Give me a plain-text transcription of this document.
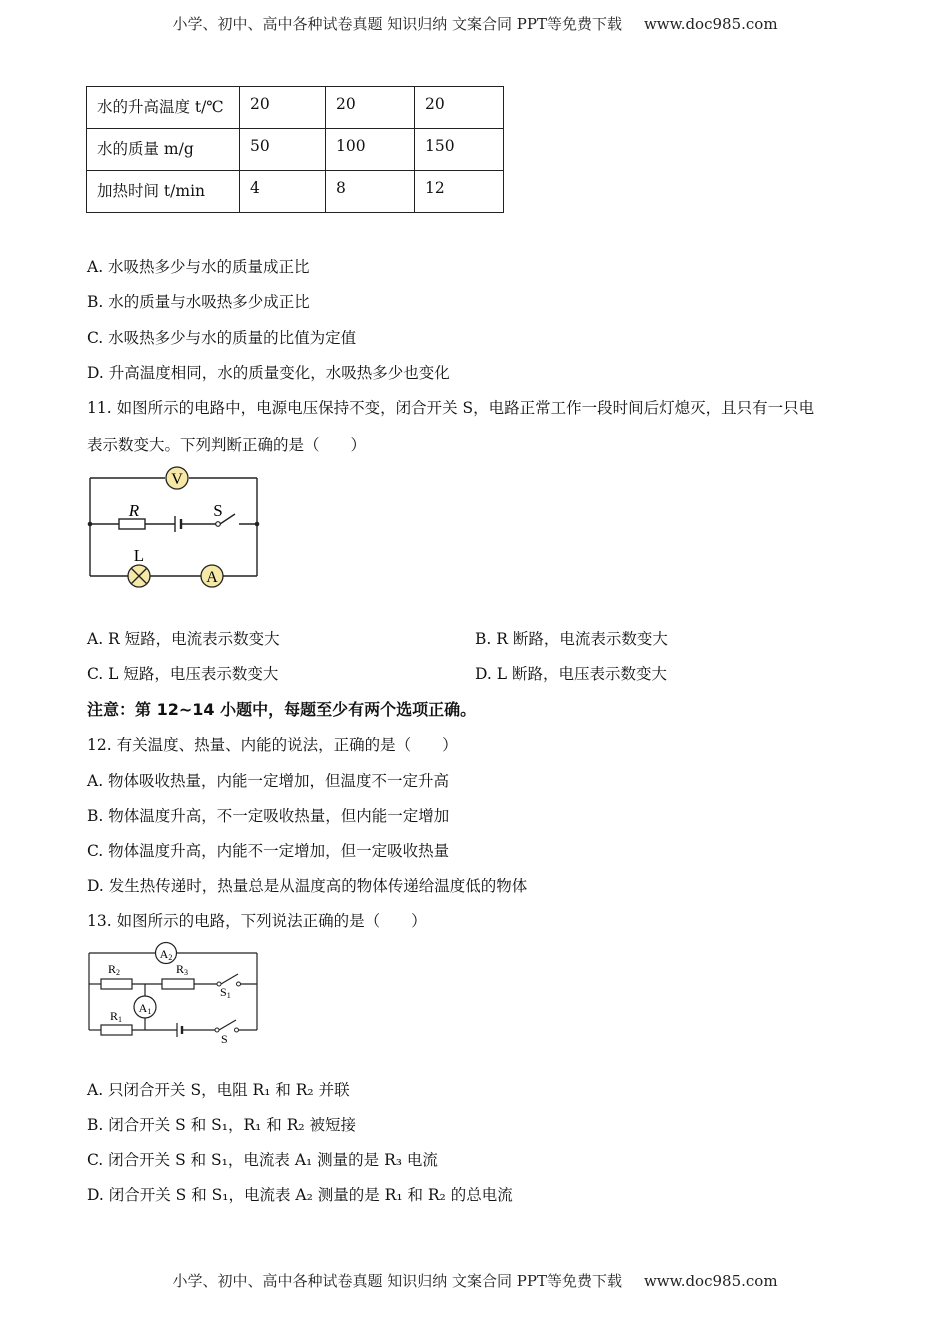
小学、初中、高中各种试卷真题 知识归纳 文案合同 PPT等免费下载 www.doc985.com
水的升高温度 t/℃	20	20	20
水的质量 m/g	50	100	150
加热时间 t/min	4	8	12
A. 水吸热多少与水的质量成正比
B. 水的质量与水吸热多少成正比
C. 水吸热多少与水的质量的比值为定值
D. 升高温度相同，水的质量变化，水吸热多少也变化
11. 如图所示的电路中，电源电压保持不变，闭合开关 S，电路正常工作一段时间后灯熄灭，且只有一只电
表示数变大。下列判断正确的是（　　）
V
A
R	S
L
A. R 短路，电流表示数变大	B. R 断路，电流表示数变大
C. L 短路，电压表示数变大	D. L 断路，电压表示数变大
注意：第 12~14 小题中，每题至少有两个选项正确。
12. 有关温度、热量、内能的说法，正确的是（　　）
A. 物体吸收热量，内能一定增加，但温度不一定升高
B. 物体温度升高，不一定吸收热量，但内能一定增加
C. 物体温度升高，内能不一定增加，但一定吸收热量
D. 发生热传递时，热量总是从温度高的物体传递给温度低的物体
13. 如图所示的电路，下列说法正确的是（　　）
A2
A1
R2	R3
R1
S1
S
A. 只闭合开关 S，电阻 R₁ 和 R₂ 并联
B. 闭合开关 S 和 S₁，R₁ 和 R₂ 被短接
C. 闭合开关 S 和 S₁，电流表 A₁ 测量的是 R₃ 电流
D. 闭合开关 S 和 S₁，电流表 A₂ 测量的是 R₁ 和 R₂ 的总电流
小学、初中、高中各种试卷真题 知识归纳 文案合同 PPT等免费下载 www.doc985.com
